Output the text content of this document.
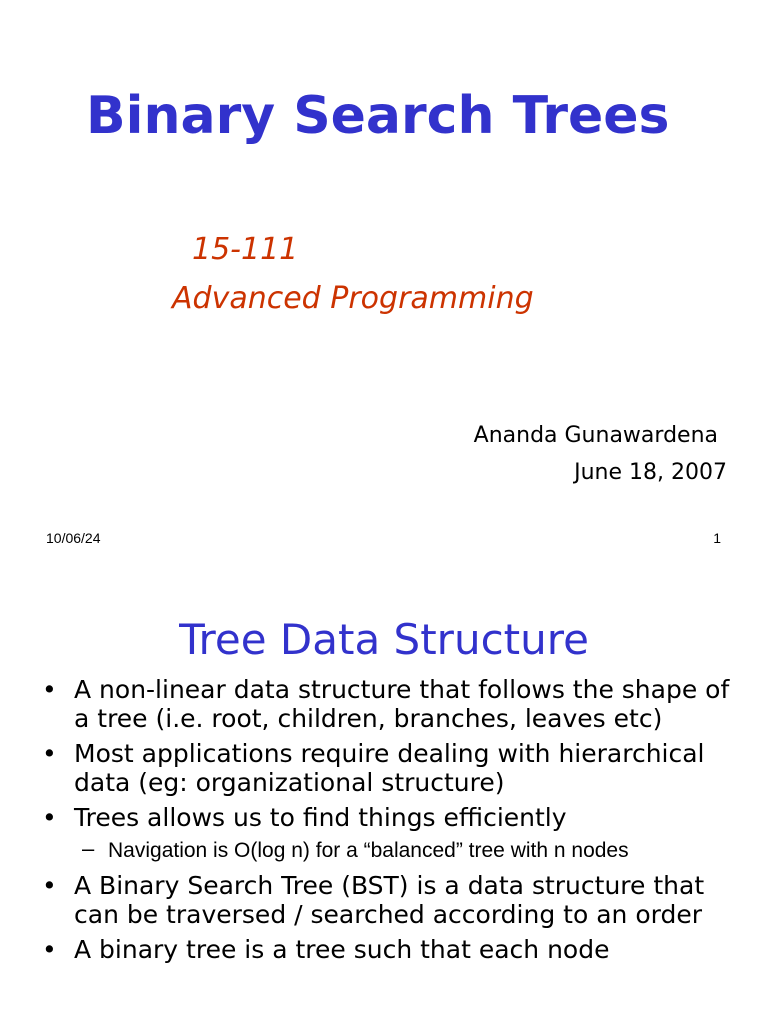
Binary Search Trees
15-111
Advanced Programming
Ananda Gunawardena
June 18, 2007
10/06/24	1
Tree Data Structure
• A non-linear data structure that follows the shape of a tree (i.e. root, children, branches, leaves etc)
• Most applications require dealing with hierarchical data (eg: organizational structure)
• Trees allows us to find things efficiently
– Navigation is O(log n) for a “balanced” tree with n nodes
• A Binary Search Tree (BST) is a data structure that can be traversed / searched according to an order
• A binary tree is a tree such that each node
